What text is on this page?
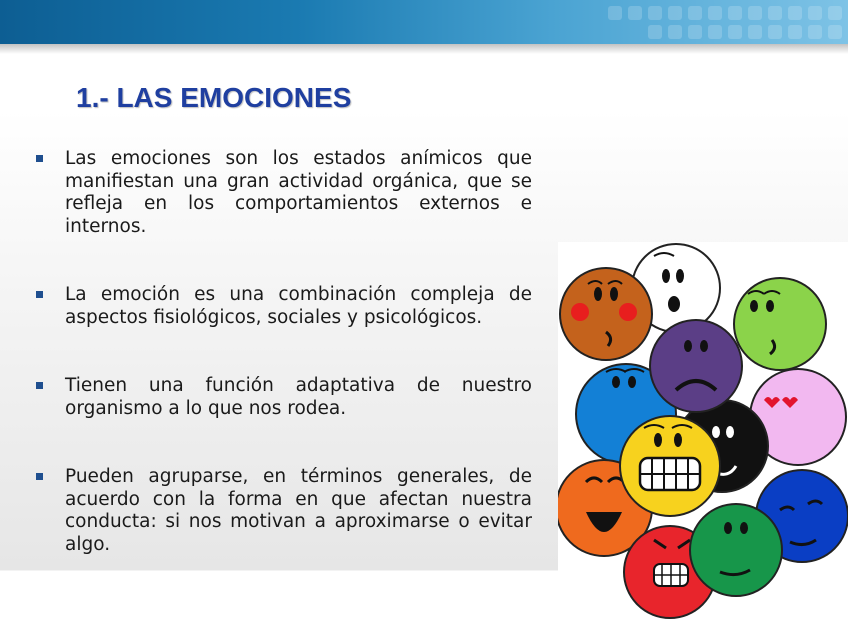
1.- LAS EMOCIONES
Las emociones son los estados anímicos que manifiestan una gran actividad orgánica, que se refleja en los comportamientos externos e internos.
La emoción es una combinación compleja de aspectos fisiológicos, sociales y psicológicos.
Tienen una función adaptativa de nuestro organismo a lo que nos rodea.
Pueden agruparse, en términos generales, de acuerdo con la forma en que afectan nuestra conducta: si nos motivan a aproximarse o evitar algo.
